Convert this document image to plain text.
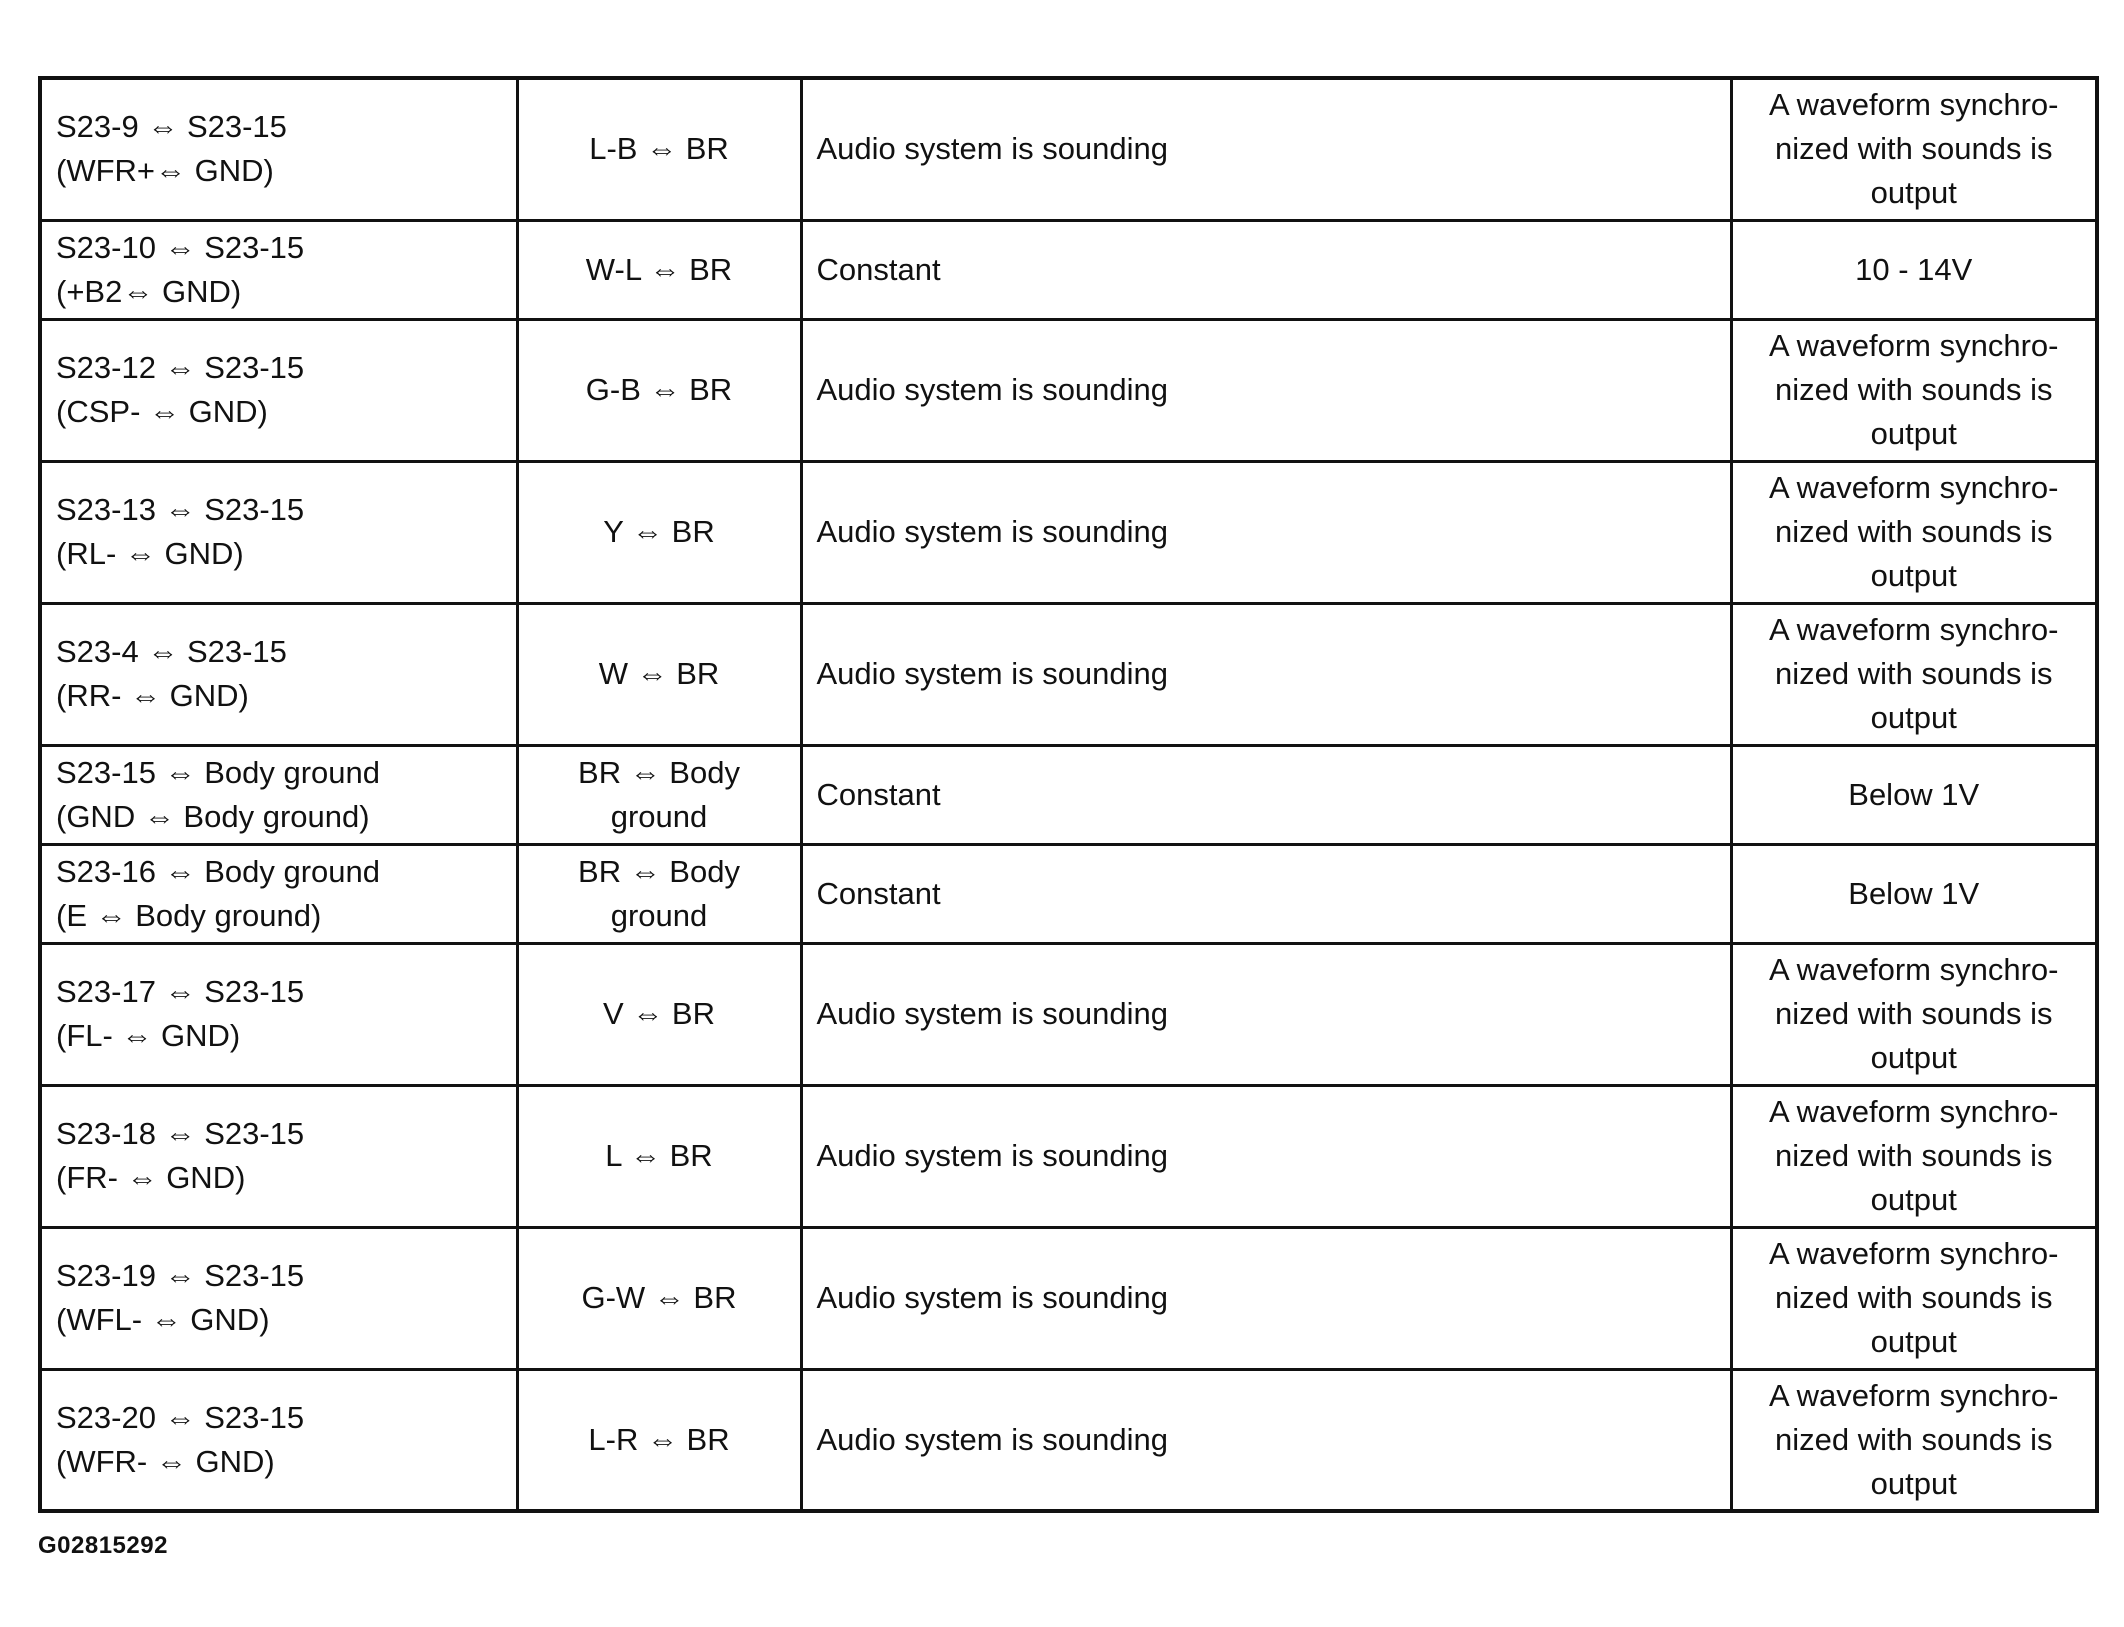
S23-9 ⇔ S23-15
(WFR+⇔ GND)	L-B ⇔ BR	Audio system is sounding	A waveform synchro-nized with sounds is output

S23-10 ⇔ S23-15
(+B2⇔ GND)	W-L ⇔ BR	Constant	10 - 14V

S23-12 ⇔ S23-15
(CSP- ⇔ GND)	G-B ⇔ BR	Audio system is sounding	A waveform synchro-nized with sounds is output

S23-13 ⇔ S23-15
(RL- ⇔ GND)	Y ⇔ BR	Audio system is sounding	A waveform synchro-nized with sounds is output

S23-4 ⇔ S23-15
(RR- ⇔ GND)	W ⇔ BR	Audio system is sounding	A waveform synchro-nized with sounds is output

S23-15 ⇔ Body ground
(GND ⇔ Body ground)	BR ⇔ Body ground	Constant	Below 1V

S23-16 ⇔ Body ground
(E ⇔ Body ground)	BR ⇔ Body ground	Constant	Below 1V

S23-17 ⇔ S23-15
(FL- ⇔ GND)	V ⇔ BR	Audio system is sounding	A waveform synchro-nized with sounds is output

S23-18 ⇔ S23-15
(FR- ⇔ GND)	L ⇔ BR	Audio system is sounding	A waveform synchro-nized with sounds is output

S23-19 ⇔ S23-15
(WFL- ⇔ GND)	G-W ⇔ BR	Audio system is sounding	A waveform synchro-nized with sounds is output

S23-20 ⇔ S23-15
(WFR- ⇔ GND)	L-R ⇔ BR	Audio system is sounding	A waveform synchro-nized with sounds is output
G02815292
